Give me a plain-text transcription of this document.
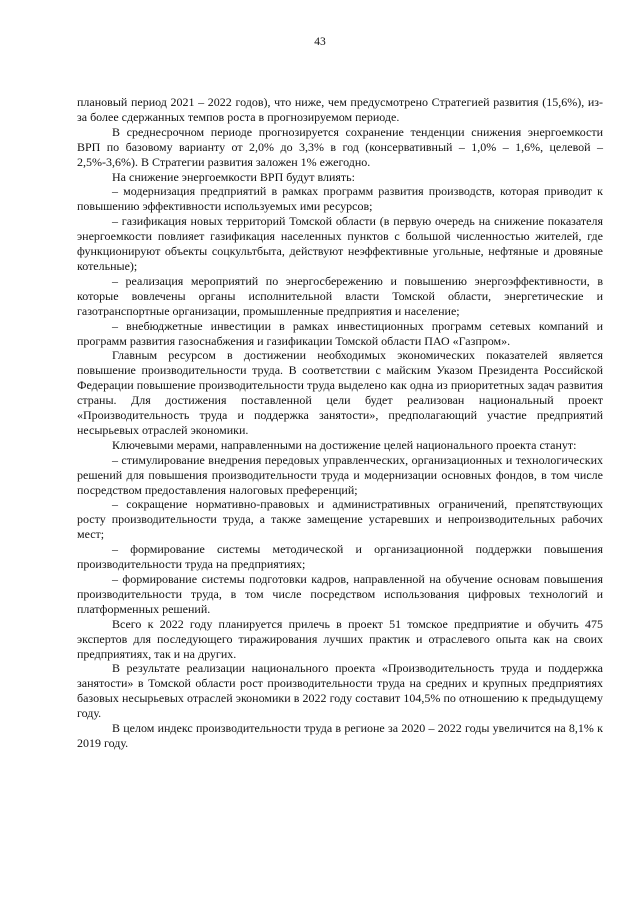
43

плановый период 2021 – 2022 годов), что ниже, чем предусмотрено Стратегией развития (15,6%), из-за более сдержанных темпов роста в прогнозируемом периоде.

В среднесрочном периоде прогнозируется сохранение тенденции снижения энергоемкости ВРП по базовому варианту от 2,0% до 3,3% в год (консервативный – 1,0% – 1,6%, целевой – 2,5%-3,6%). В Стратегии развития заложен 1% ежегодно.

На снижение энергоемкости ВРП будут влиять:

– модернизация предприятий в рамках программ развития производств, которая приводит к повышению эффективности используемых ими ресурсов;

– газификация новых территорий Томской области (в первую очередь на снижение показателя энергоемкости повлияет газификация населенных пунктов с большой численностью жителей, где функционируют объекты соцкультбыта, действуют неэффективные угольные, нефтяные и дровяные котельные);

– реализация мероприятий по энергосбережению и повышению энергоэффективности, в которые вовлечены органы исполнительной власти Томской области, энергетические и газотранспортные организации, промышленные предприятия и население;

– внебюджетные инвестиции в рамках инвестиционных программ сетевых компаний и программ развития газоснабжения и газификации Томской области ПАО «Газпром».

Главным ресурсом в достижении необходимых экономических показателей является повышение производительности труда. В соответствии с майским Указом Президента Российской Федерации повышение производительности труда выделено как одна из приоритетных задач развития страны. Для достижения поставленной цели будет реализован национальный проект «Производительность труда и поддержка занятости», предполагающий участие предприятий несырьевых отраслей экономики.

Ключевыми мерами, направленными на достижение целей национального проекта станут:

– стимулирование внедрения передовых управленческих, организационных и технологических решений для повышения производительности труда и модернизации основных фондов, в том числе посредством предоставления налоговых преференций;

– сокращение нормативно-правовых и административных ограничений, препятствующих росту производительности труда, а также замещение устаревших и непроизводительных рабочих мест;

– формирование системы методической и организационной поддержки повышения производительности труда на предприятиях;

– формирование системы подготовки кадров, направленной на обучение основам повышения производительности труда, в том числе посредством использования цифровых технологий и платформенных решений.

Всего к 2022 году планируется прилечь в проект 51 томское предприятие и обучить 475 экспертов для последующего тиражирования лучших практик и отраслевого опыта как на своих предприятиях, так и на других.

В результате реализации национального проекта «Производительность труда и поддержка занятости» в Томской области рост производительности труда на средних и крупных предприятиях базовых несырьевых отраслей экономики в 2022 году составит 104,5% по отношению к предыдущему году.

В целом индекс производительности труда в регионе за 2020 – 2022 годы увеличится на 8,1% к 2019 году.
